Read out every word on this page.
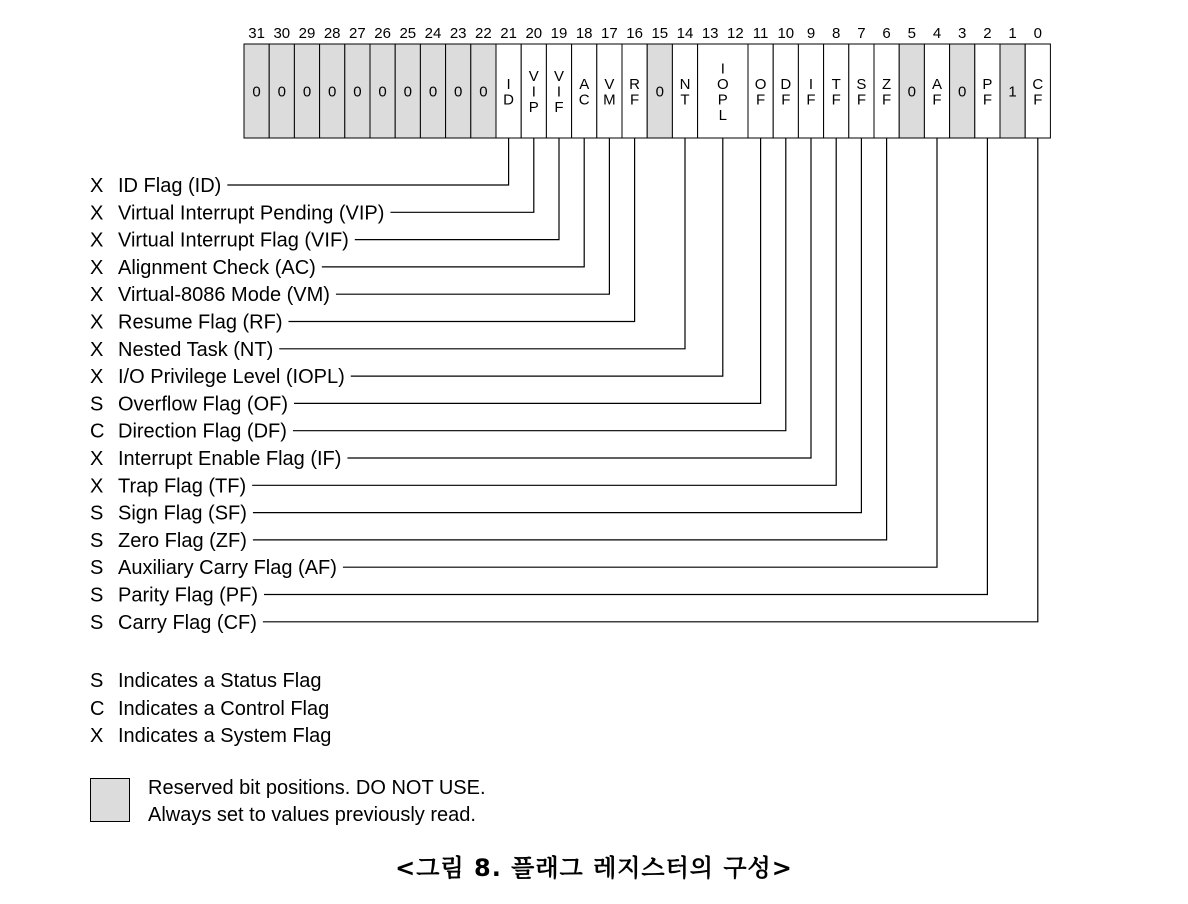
31 30 29 28 27 26 25 24 23 22 21 20 19 18 17 16 15 14 13 12 11 10 9 8 7 6 5 4 3 2 1 0
0 0 0 0 0 0 0 0 0 0 I
D
V
I
P
V
I
F
A
C
V
M
R
F 0 N
T
I
O
P
L
O
F
D
F
I
F
T
F
S
F
Z
F 0 A
F 0 P
F 1 C
F
X ID Flag (ID)
X Virtual Interrupt Pending (VIP)
X Virtual Interrupt Flag (VIF)
X Alignment Check (AC)
X Virtual-8086 Mode (VM)
X Resume Flag (RF)
X Nested Task (NT)
X I/O Privilege Level (IOPL)
S Overflow Flag (OF)
C Direction Flag (DF)
X Interrupt Enable Flag (IF)
X Trap Flag (TF)
S Sign Flag (SF)
S Zero Flag (ZF)
S Auxiliary Carry Flag (AF)
S Parity Flag (PF)
S Carry Flag (CF)
S Indicates a Status Flag
C Indicates a Control Flag
X Indicates a System Flag
Reserved bit positions. DO NOT USE.
Always set to values previously read.
<그림 8. 플래그 레지스터의 구성>
